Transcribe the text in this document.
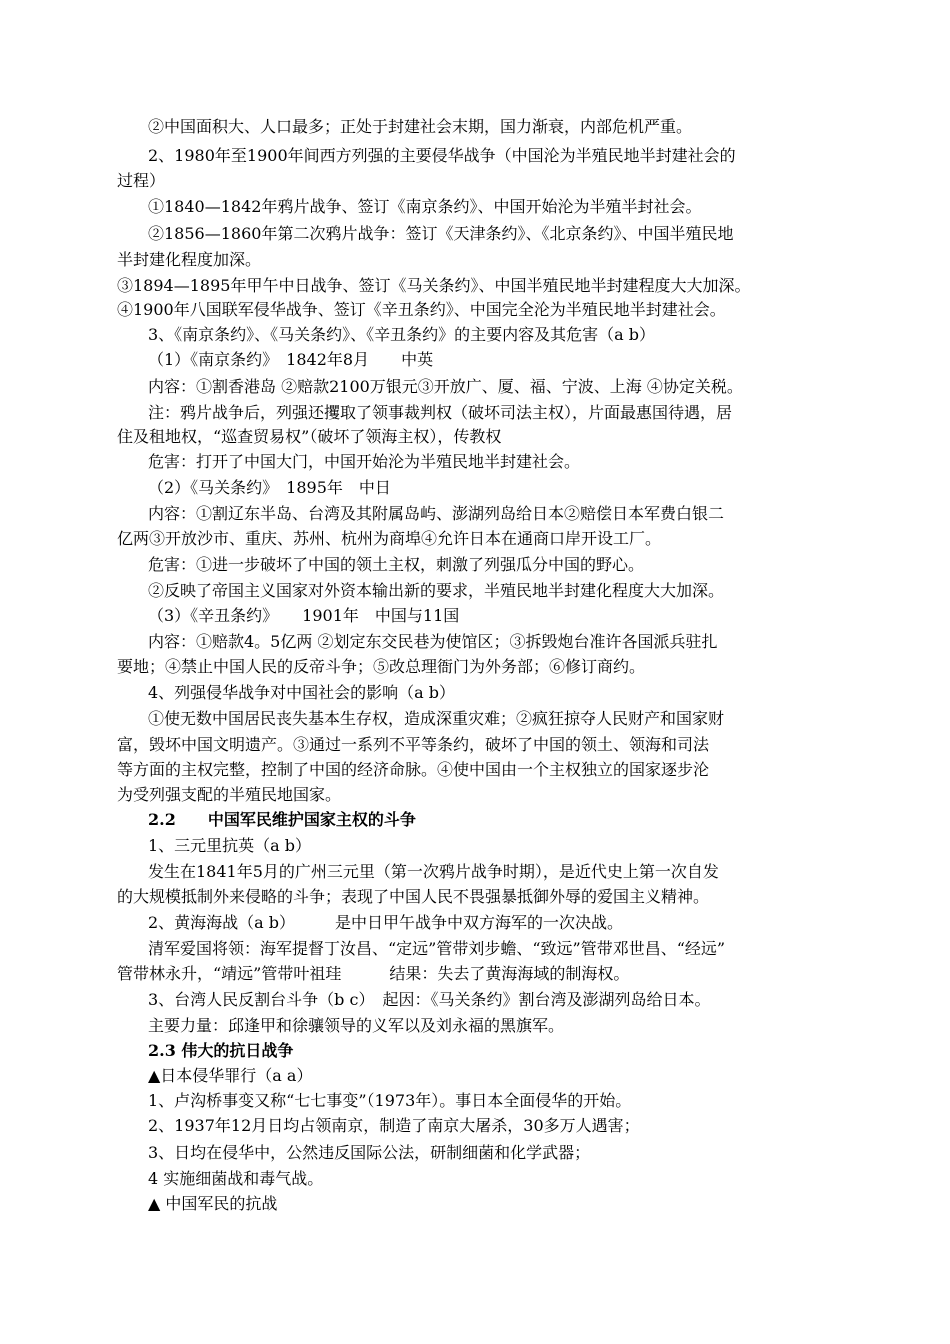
②中国面积大、人口最多；正处于封建社会末期，国力渐衰，内部危机严重。
2、1980年至1900年间西方列强的主要侵华战争（中国沦为半殖民地半封建社会的
过程）
①1840—1842年鸦片战争、签订《南京条约》、中国开始沦为半殖半封社会。
②1856—1860年第二次鸦片战争：签订《天津条约》、《北京条约》、中国半殖民地
半封建化程度加深。
③1894—1895年甲午中日战争、签订《马关条约》、中国半殖民地半封建程度大大加深。
④1900年八国联军侵华战争、签订《辛丑条约》、中国完全沦为半殖民地半封建社会。
3、《南京条约》、《马关条约》、《辛丑条约》的主要内容及其危害（a b）
（1）《南京条约》　1842年8月　　中英
内容：①割香港岛 ②赔款2100万银元③开放广、厦、福、宁波、上海 ④协定关税。
注：鸦片战争后，列强还攫取了领事裁判权（破坏司法主权），片面最惠国待遇，居
住及租地权，“巡查贸易权”（破坏了领海主权），传教权
危害：打开了中国大门，中国开始沦为半殖民地半封建社会。
（2）《马关条约》　1895年　中日
内容：①割辽东半岛、台湾及其附属岛屿、澎湖列岛给日本②赔偿日本军费白银二
亿两③开放沙市、重庆、苏州、杭州为商埠④允许日本在通商口岸开设工厂。
危害：①进一步破坏了中国的领土主权，刺激了列强瓜分中国的野心。
②反映了帝国主义国家对外资本输出新的要求，半殖民地半封建化程度大大加深。
（3）《辛丑条约》　　1901年　中国与11国
内容：①赔款4。5亿两 ②划定东交民巷为使馆区；③拆毁炮台准许各国派兵驻扎
要地；④禁止中国人民的反帝斗争；⑤改总理衙门为外务部；⑥修订商约。
4、列强侵华战争对中国社会的影响（a b）
①使无数中国居民丧失基本生存权，造成深重灾难；②疯狂掠夺人民财产和国家财
富，毁坏中国文明遗产。③通过一系列不平等条约，破坏了中国的领土、领海和司法
等方面的主权完整，控制了中国的经济命脉。④使中国由一个主权独立的国家逐步沦
为受列强支配的半殖民地国家。
2.2　　中国军民维护国家主权的斗争
1、三元里抗英（a b）
发生在1841年5月的广州三元里（第一次鸦片战争时期），是近代史上第一次自发
的大规模抵制外来侵略的斗争；表现了中国人民不畏强暴抵御外辱的爱国主义精神。
2、黄海海战（a b）　　　是中日甲午战争中双方海军的一次决战。
清军爱国将领：海军提督丁汝昌、“定远”管带刘步蟾、“致远”管带邓世昌、“经远”
管带林永升，“靖远”管带叶祖珪　　　结果：失去了黄海海域的制海权。
3、台湾人民反割台斗争（b c）　起因：《马关条约》割台湾及澎湖列岛给日本。
主要力量：邱逢甲和徐骧领导的义军以及刘永福的黑旗军。
2.3 伟大的抗日战争
▲日本侵华罪行（a a）
1、卢沟桥事变又称“七七事变”（1973年）。事日本全面侵华的开始。
2、1937年12月日均占领南京，制造了南京大屠杀，30多万人遇害；
3、日均在侵华中，公然违反国际公法，研制细菌和化学武器；
4 实施细菌战和毒气战。
▲ 中国军民的抗战
